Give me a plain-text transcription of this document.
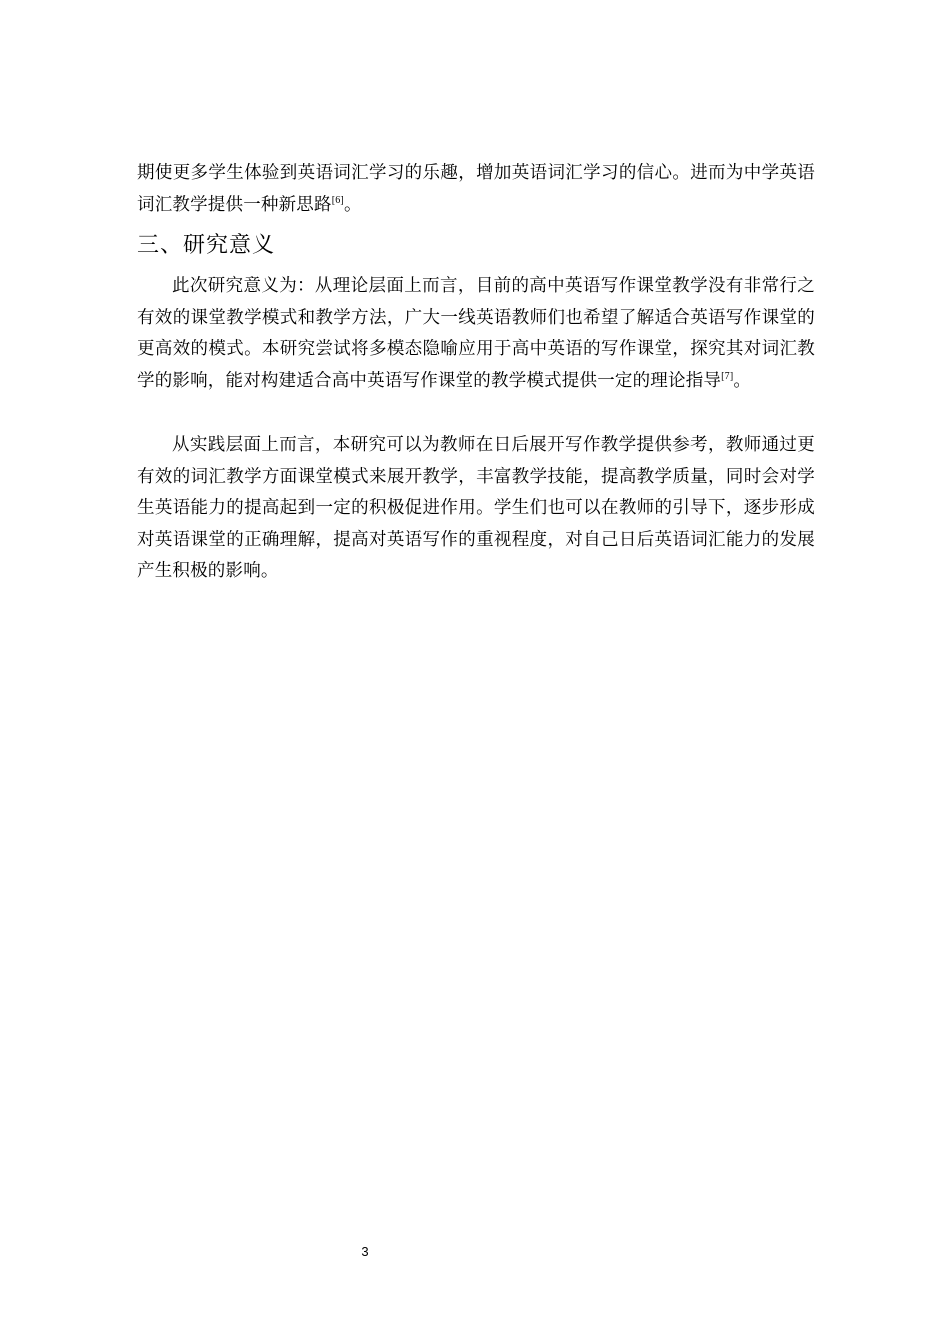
期使更多学生体验到英语词汇学习的乐趣，增加英语词汇学习的信心。进而为中学英语词汇教学提供一种新思路[6]。

三、研究意义

此次研究意义为：从理论层面上而言，目前的高中英语写作课堂教学没有非常行之有效的课堂教学模式和教学方法，广大一线英语教师们也希望了解适合英语写作课堂的更高效的模式。本研究尝试将多模态隐喻应用于高中英语的写作课堂，探究其对词汇教学的影响，能对构建适合高中英语写作课堂的教学模式提供一定的理论指导[7]。

从实践层面上而言，本研究可以为教师在日后展开写作教学提供参考，教师通过更有效的词汇教学方面课堂模式来展开教学，丰富教学技能，提高教学质量，同时会对学生英语能力的提高起到一定的积极促进作用。学生们也可以在教师的引导下，逐步形成对英语课堂的正确理解，提高对英语写作的重视程度，对自己日后英语词汇能力的发展产生积极的影响。

3
